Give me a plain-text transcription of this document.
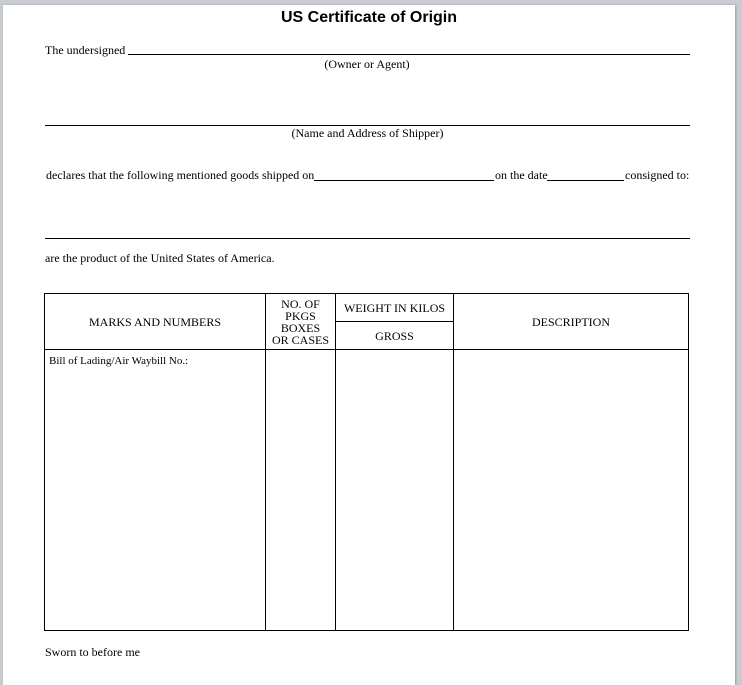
US Certificate of Origin
The undersigned
(Owner or Agent)
(Name and Address of Shipper)
declares that the following mentioned goods shipped on	on the date	consigned to:
are the product of the United States of America.
MARKS AND NUMBERS
NO. OF
PKGS
BOXES
OR CASES
WEIGHT IN KILOS
GROSS
DESCRIPTION
Bill of Lading/Air Waybill No.:
Sworn to before me
